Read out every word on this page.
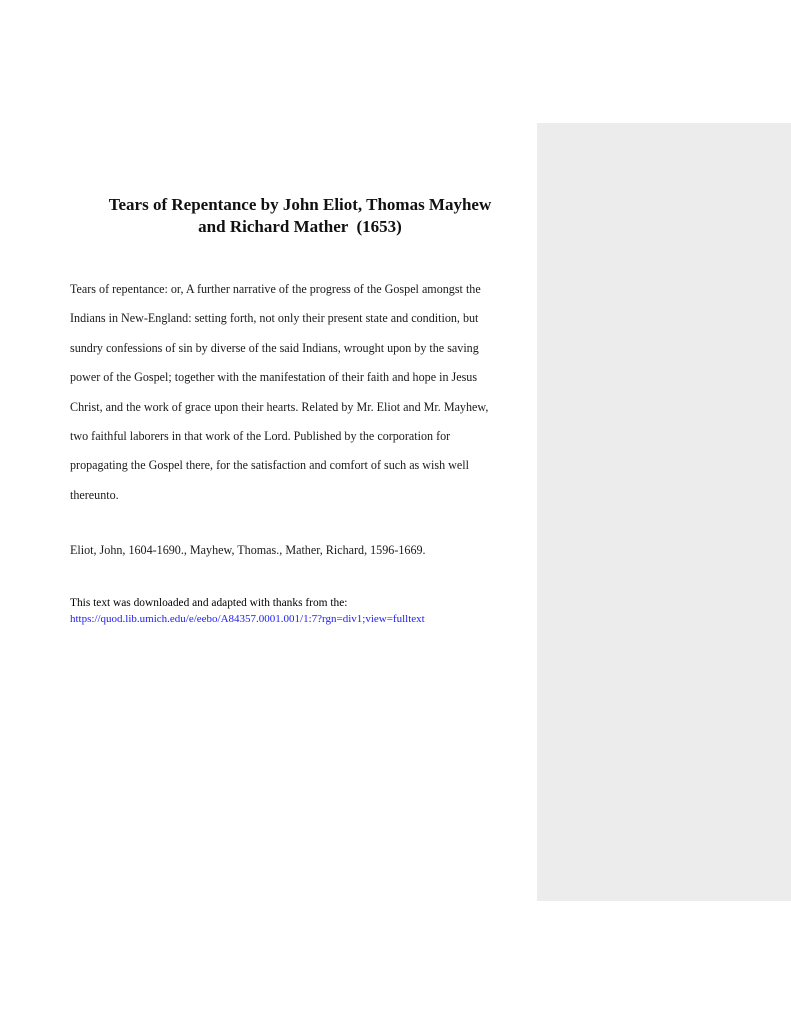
Tears of Repentance by John Eliot, Thomas Mayhew
and Richard Mather  (1653)
Tears of repentance: or, A further narrative of the progress of the Gospel amongst the
Indians in New-England: setting forth, not only their present state and condition, but
sundry confessions of sin by diverse of the said Indians, wrought upon by the saving
power of the Gospel; together with the manifestation of their faith and hope in Jesus
Christ, and the work of grace upon their hearts. Related by Mr. Eliot and Mr. Mayhew,
two faithful laborers in that work of the Lord. Published by the corporation for
propagating the Gospel there, for the satisfaction and comfort of such as wish well
thereunto.
Eliot, John, 1604-1690., Mayhew, Thomas., Mather, Richard, 1596-1669.
This text was downloaded and adapted with thanks from the:
https://quod.lib.umich.edu/e/eebo/A84357.0001.001/1:7?rgn=div1;view=fulltext
